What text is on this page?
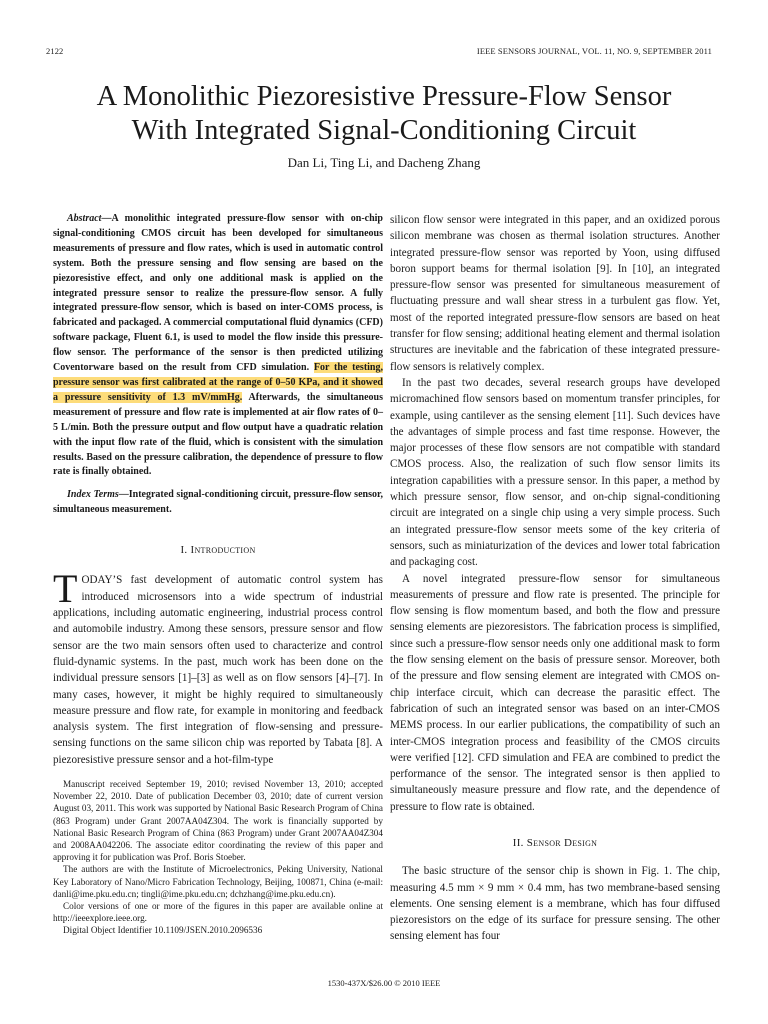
2122	IEEE SENSORS JOURNAL, VOL. 11, NO. 9, SEPTEMBER 2011
A Monolithic Piezoresistive Pressure-Flow Sensor
With Integrated Signal-Conditioning Circuit
Dan Li, Ting Li, and Dacheng Zhang

Abstract—A monolithic integrated pressure-flow sensor with on-chip signal-conditioning CMOS circuit has been developed for simultaneous measurements of pressure and flow rates, which is used in automatic control system. Both the pressure sensing and flow sensing are based on the piezoresistive effect, and only one additional mask is applied on the integrated pressure sensor to realize the pressure-flow sensor. A fully integrated pressure-flow sensor, which is based on inter-COMS process, is fabricated and packaged. A commercial computational fluid dynamics (CFD) software package, Fluent 6.1, is used to model the flow inside this pressure-flow sensor. The performance of the sensor is then predicted utilizing Coventorware based on the result from CFD simulation. For the testing, pressure sensor was first calibrated at the range of 0–50 KPa, and it showed a pressure sensitivity of 1.3 mV/mmHg. Afterwards, the simultaneous measurement of pressure and flow rate is implemented at air flow rates of 0–5 L/min. Both the pressure output and flow output have a quadratic relation with the input flow rate of the fluid, which is consistent with the simulation results. Based on the pressure calibration, the dependence of pressure to flow rate is finally obtained.

Index Terms—Integrated signal-conditioning circuit, pressure-flow sensor, simultaneous measurement.

I. Introduction

TODAY’S fast development of automatic control system has introduced microsensors into a wide spectrum of industrial applications, including automatic engineering, industrial process control and automobile industry. Among these sensors, pressure sensor and flow sensor are the two main sensors often used to characterize and control fluid-dynamic systems. In the past, much work has been done on the individual pressure sensors [1]–[3] as well as on flow sensors [4]–[7]. In many cases, however, it might be highly required to simultaneously measure pressure and flow rate, for example in monitoring and feedback analysis system. The first integration of flow-sensing and pressure-sensing functions on the same silicon chip was reported by Tabata [8]. A piezoresistive pressure sensor and a hot-film-type

Manuscript received September 19, 2010; revised November 13, 2010; accepted November 22, 2010. Date of publication December 03, 2010; date of current version August 03, 2011. This work was supported by National Basic Research Program of China (863 Program) under Grant 2007AA04Z304. The work is financially supported by National Basic Research Program of China (863 Program) under Grant 2007AA04Z304 and 2008AA042206. The associate editor coordinating the review of this paper and approving it for publication was Prof. Boris Stoeber.

The authors are with the Institute of Microelectronics, Peking University, National Key Laboratory of Nano/Micro Fabrication Technology, Beijing, 100871, China (e-mail: danli@ime.pku.edu.cn; tingli@ime.pku.edu.cn; dchzhang@ime.pku.edu.cn).

Color versions of one or more of the figures in this paper are available online at http://ieeexplore.ieee.org.

Digital Object Identifier 10.1109/JSEN.2010.2096536

silicon flow sensor were integrated in this paper, and an oxidized porous silicon membrane was chosen as thermal isolation structures. Another integrated pressure-flow sensor was reported by Yoon, using diffused boron support beams for thermal isolation [9]. In [10], an integrated pressure-flow sensor was presented for simultaneous measurement of fluctuating pressure and wall shear stress in a turbulent gas flow. Yet, most of the reported integrated pressure-flow sensors are based on heat transfer for flow sensing; additional heating element and thermal isolation structures are inevitable and the fabrication of these integrated pressure-flow sensors is relatively complex.

In the past two decades, several research groups have developed micromachined flow sensors based on momentum transfer principles, for example, using cantilever as the sensing element [11]. Such devices have the advantages of simple process and fast time response. However, the major processes of these flow sensors are not compatible with standard CMOS process. Also, the realization of such flow sensor limits its integration capabilities with a pressure sensor. In this paper, a method by which pressure sensor, flow sensor, and on-chip signal-conditioning circuit are integrated on a single chip using a very simple process. Such an integrated pressure-flow sensor meets some of the key criteria of sensors, such as miniaturization of the devices and lower total fabrication and packaging cost.

A novel integrated pressure-flow sensor for simultaneous measurements of pressure and flow rate is presented. The principle for flow sensing is flow momentum based, and both the flow and pressure sensing elements are piezoresistors. The fabrication process is simplified, since such a pressure-flow sensor needs only one additional mask to form the flow sensing element on the basis of pressure sensor. Moreover, both of the pressure and flow sensing element are integrated with CMOS on-chip interface circuit, which can decrease the parasitic effect. The fabrication of such an integrated sensor was based on an inter-CMOS MEMS process. In our earlier publications, the compatibility of such an inter-CMOS integration process and feasibility of the CMOS circuits were verified [12]. CFD simulation and FEA are combined to predict the performance of the sensor. The integrated sensor is then applied to simultaneously measure pressure and flow rate, and the dependence of pressure to flow rate is obtained.

II. Sensor Design

The basic structure of the sensor chip is shown in Fig. 1. The chip, measuring 4.5 mm × 9 mm × 0.4 mm, has two membrane-based sensing elements. One sensing element is a membrane, which has four diffused piezoresistors on the edge of its surface for pressure sensing. The other sensing element has four

1530-437X/$26.00 © 2010 IEEE
